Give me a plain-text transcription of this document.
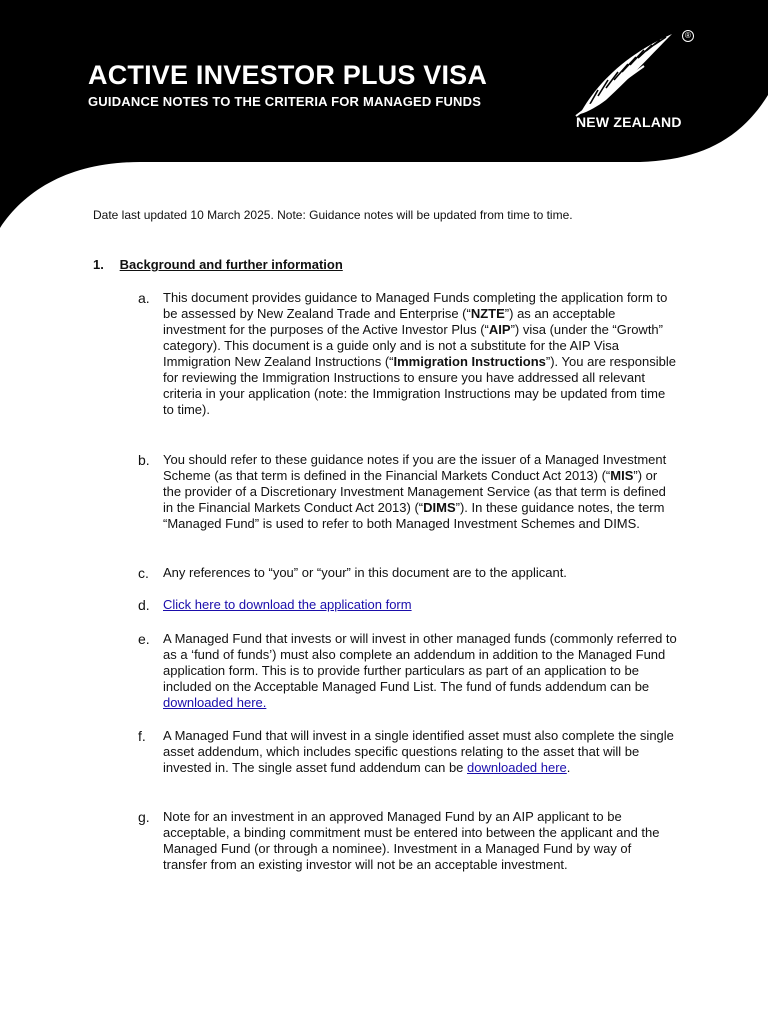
ACTIVE INVESTOR PLUS VISA
GUIDANCE NOTES TO THE CRITERIA FOR MANAGED FUNDS
®
NEW ZEALAND
Date last updated 10 March 2025. Note: Guidance notes will be updated from time to time.
1. Background and further information
a.	This document provides guidance to Managed Funds completing the application form to be assessed by New Zealand Trade and Enterprise (“NZTE”) as an acceptable investment for the purposes of the Active Investor Plus (“AIP”) visa (under the “Growth” category). This document is a guide only and is not a substitute for the AIP Visa Immigration New Zealand Instructions (“Immigration Instructions”). You are responsible for reviewing the Immigration Instructions to ensure you have addressed all relevant criteria in your application (note: the Immigration Instructions may be updated from time to time).
b.	You should refer to these guidance notes if you are the issuer of a Managed Investment Scheme (as that term is defined in the Financial Markets Conduct Act 2013) (“MIS”) or the provider of a Discretionary Investment Management Service (as that term is defined in the Financial Markets Conduct Act 2013) (“DIMS”). In these guidance notes, the term “Managed Fund” is used to refer to both Managed Investment Schemes and DIMS.
c.	Any references to “you” or “your” in this document are to the applicant.
d.	Click here to download the application form
e.	A Managed Fund that invests or will invest in other managed funds (commonly referred to as a ‘fund of funds’) must also complete an addendum in addition to the Managed Fund application form. This is to provide further particulars as part of an application to be included on the Acceptable Managed Fund List. The fund of funds addendum can be downloaded here.
f.	A Managed Fund that will invest in a single identified asset must also complete the single asset addendum, which includes specific questions relating to the asset that will be invested in. The single asset fund addendum can be downloaded here.
g.	Note for an investment in an approved Managed Fund by an AIP applicant to be acceptable, a binding commitment must be entered into between the applicant and the Managed Fund (or through a nominee). Investment in a Managed Fund by way of transfer from an existing investor will not be an acceptable investment.
